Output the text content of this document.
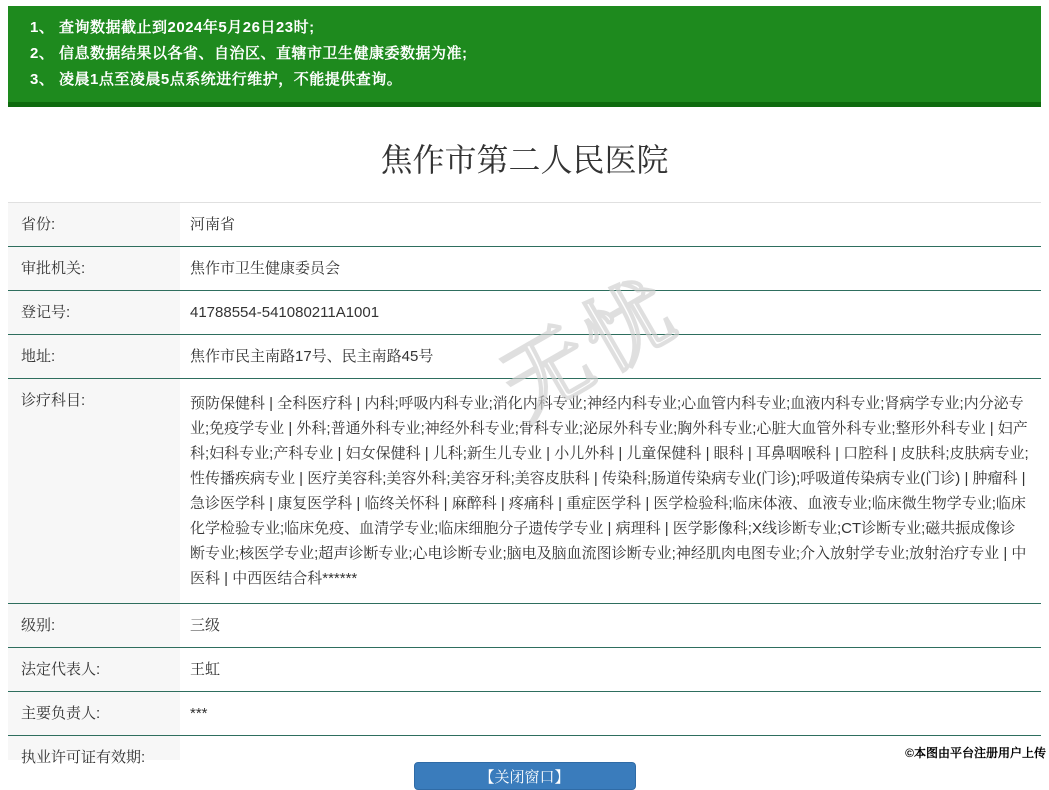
1、 查询数据截止到2024年5月26日23时;
2、 信息数据结果以各省、自治区、直辖市卫生健康委数据为准;
3、 凌晨1点至凌晨5点系统进行维护，不能提供查询。
焦作市第二人民医院
省份:	河南省
审批机关:	焦作市卫生健康委员会
登记号:	41788554-541080211A1001
地址:	焦作市民主南路17号、民主南路45号
诊疗科目:	预防保健科 | 全科医疗科 | 内科;呼吸内科专业;消化内科专业;神经内科专业;心血管内科专业;血液内科专业;肾病学专业;内分泌专业;免疫学专业 | 外科;普通外科专业;神经外科专业;骨科专业;泌尿外科专业;胸外科专业;心脏大血管外科专业;整形外科专业 | 妇产科;妇科专业;产科专业 | 妇女保健科 | 儿科;新生儿专业 | 小儿外科 | 儿童保健科 | 眼科 | 耳鼻咽喉科 | 口腔科 | 皮肤科;皮肤病专业;性传播疾病专业 | 医疗美容科;美容外科;美容牙科;美容皮肤科 | 传染科;肠道传染病专业(门诊);呼吸道传染病专业(门诊) | 肿瘤科 | 急诊医学科 | 康复医学科 | 临终关怀科 | 麻醉科 | 疼痛科 | 重症医学科 | 医学检验科;临床体液、血液专业;临床微生物学专业;临床化学检验专业;临床免疫、血清学专业;临床细胞分子遗传学专业 | 病理科 | 医学影像科;X线诊断专业;CT诊断专业;磁共振成像诊断专业;核医学专业;超声诊断专业;心电诊断专业;脑电及脑血流图诊断专业;神经肌肉电图专业;介入放射学专业;放射治疗专业 | 中医科 | 中西医结合科******
级别:	三级
法定代表人:	王虹
主要负责人:	***
执业许可证有效期:
【关闭窗口】
无忧
©本图由平台注册用户上传
